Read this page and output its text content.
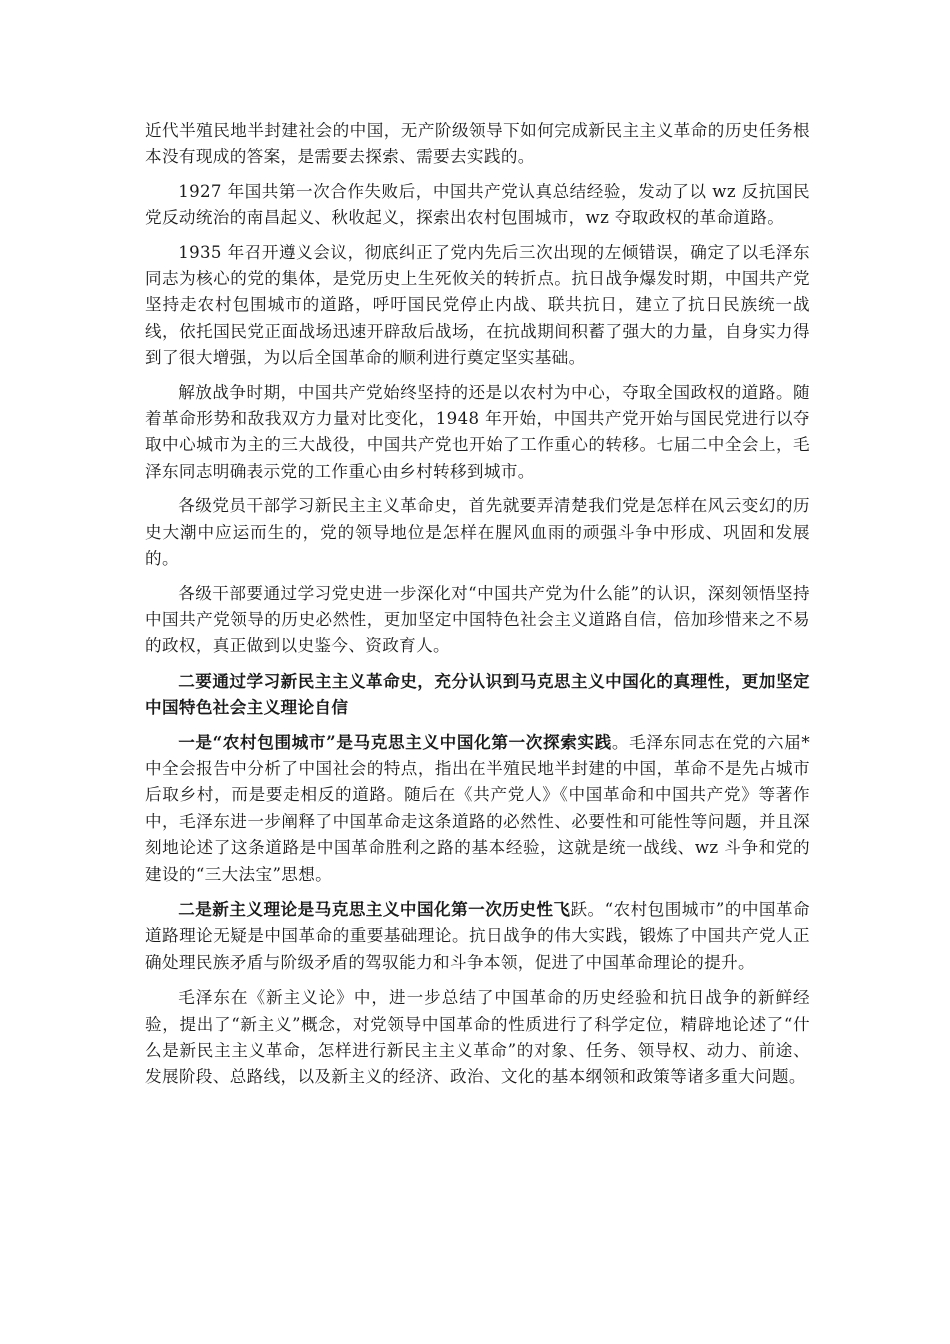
近代半殖民地半封建社会的中国，无产阶级领导下如何完成新民主主义革命的历史任务根本没有现成的答案，是需要去探索、需要去实践的。

1927 年国共第一次合作失败后，中国共产党认真总结经验，发动了以 wz 反抗国民党反动统治的南昌起义、秋收起义，探索出农村包围城市，wz 夺取政权的革命道路。

1935 年召开遵义会议，彻底纠正了党内先后三次出现的左倾错误，确定了以毛泽东同志为核心的党的集体，是党历史上生死攸关的转折点。抗日战争爆发时期，中国共产党坚持走农村包围城市的道路，呼吁国民党停止内战、联共抗日，建立了抗日民族统一战线，依托国民党正面战场迅速开辟敌后战场，在抗战期间积蓄了强大的力量，自身实力得到了很大增强，为以后全国革命的顺利进行奠定坚实基础。

解放战争时期，中国共产党始终坚持的还是以农村为中心，夺取全国政权的道路。随着革命形势和敌我双方力量对比变化，1948 年开始，中国共产党开始与国民党进行以夺取中心城市为主的三大战役，中国共产党也开始了工作重心的转移。七届二中全会上，毛泽东同志明确表示党的工作重心由乡村转移到城市。

各级党员干部学习新民主主义革命史，首先就要弄清楚我们党是怎样在风云变幻的历史大潮中应运而生的，党的领导地位是怎样在腥风血雨的顽强斗争中形成、巩固和发展的。

各级干部要通过学习党史进一步深化对“中国共产党为什么能”的认识，深刻领悟坚持中国共产党领导的历史必然性，更加坚定中国特色社会主义道路自信，倍加珍惜来之不易的政权，真正做到以史鉴今、资政育人。

二要通过学习新民主主义革命史，充分认识到马克思主义中国化的真理性，更加坚定中国特色社会主义理论自信

一是“农村包围城市”是马克思主义中国化第一次探索实践。毛泽东同志在党的六届*中全会报告中分析了中国社会的特点，指出在半殖民地半封建的中国，革命不是先占城市后取乡村，而是要走相反的道路。随后在《共产党人》《中国革命和中国共产党》等著作中，毛泽东进一步阐释了中国革命走这条道路的必然性、必要性和可能性等问题，并且深刻地论述了这条道路是中国革命胜利之路的基本经验，这就是统一战线、wz 斗争和党的建设的“三大法宝”思想。

二是新主义理论是马克思主义中国化第一次历史性飞跃。“农村包围城市”的中国革命道路理论无疑是中国革命的重要基础理论。抗日战争的伟大实践，锻炼了中国共产党人正确处理民族矛盾与阶级矛盾的驾驭能力和斗争本领，促进了中国革命理论的提升。

毛泽东在《新主义论》中，进一步总结了中国革命的历史经验和抗日战争的新鲜经验，提出了“新主义”概念，对党领导中国革命的性质进行了科学定位，精辟地论述了“什么是新民主主义革命，怎样进行新民主主义革命”的对象、任务、领导权、动力、前途、发展阶段、总路线，以及新主义的经济、政治、文化的基本纲领和政策等诸多重大问题。
